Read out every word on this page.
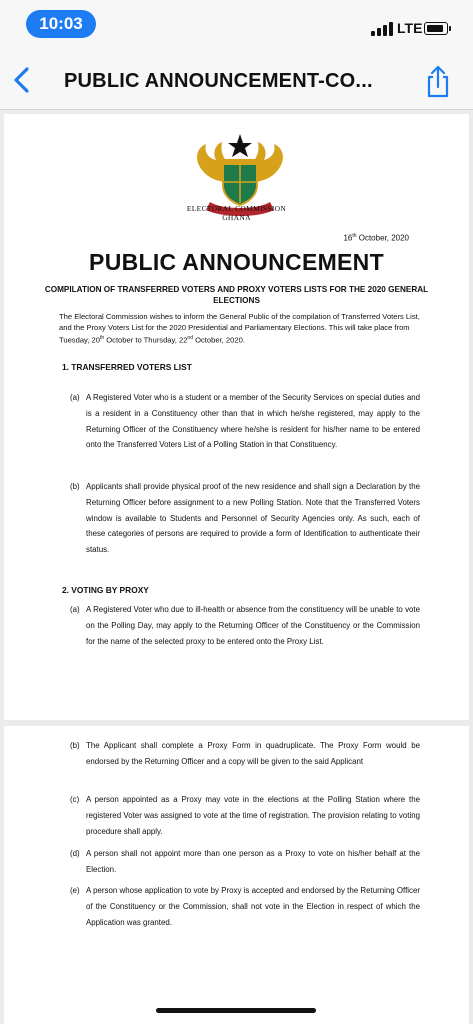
10:03	LTE
PUBLIC ANNOUNCEMENT-CO...
ELECTORAL COMMISSION
GHANA
16th October, 2020
PUBLIC ANNOUNCEMENT
COMPILATION OF TRANSFERRED VOTERS AND PROXY VOTERS LISTS FOR THE 2020 GENERAL ELECTIONS
The Electoral Commission wishes to inform the General Public of the compilation of Transferred Voters List, and the Proxy Voters List for the 2020 Presidential and Parliamentary Elections. This will take place from Tuesday, 20th October to Thursday, 22nd October, 2020.
1. TRANSFERRED VOTERS LIST
(a) A Registered Voter who is a student or a member of the Security Services on special duties and is a resident in a Constituency other than that in which he/she registered, may apply to the Returning Officer of the Constituency where he/she is resident for his/her name to be entered onto the Transferred Voters List of a Polling Station in that Constituency.
(b) Applicants shall provide physical proof of the new residence and shall sign a Declaration by the Returning Officer before assignment to a new Polling Station. Note that the Transferred Voters window is available to Students and Personnel of Security Agencies only. As such, each of these categories of persons are required to provide a form of Identification to authenticate their status.
2. VOTING BY PROXY
(a) A Registered Voter who due to ill-health or absence from the constituency will be unable to vote on the Polling Day, may apply to the Returning Officer of the Constituency or the Commission for the name of the selected proxy to be entered onto the Proxy List.
(b) The Applicant shall complete a Proxy Form in quadruplicate. The Proxy Form would be endorsed by the Returning Officer and a copy will be given to the said Applicant
(c) A person appointed as a Proxy may vote in the elections at the Polling Station where the registered Voter was assigned to vote at the time of registration. The provision relating to voting procedure shall apply.
(d) A person shall not appoint more than one person as a Proxy to vote on his/her behalf at the Election.
(e) A person whose application to vote by Proxy is accepted and endorsed by the Returning Officer of the Constituency or the Commission, shall not vote in the Election in respect of which the Application was granted.
